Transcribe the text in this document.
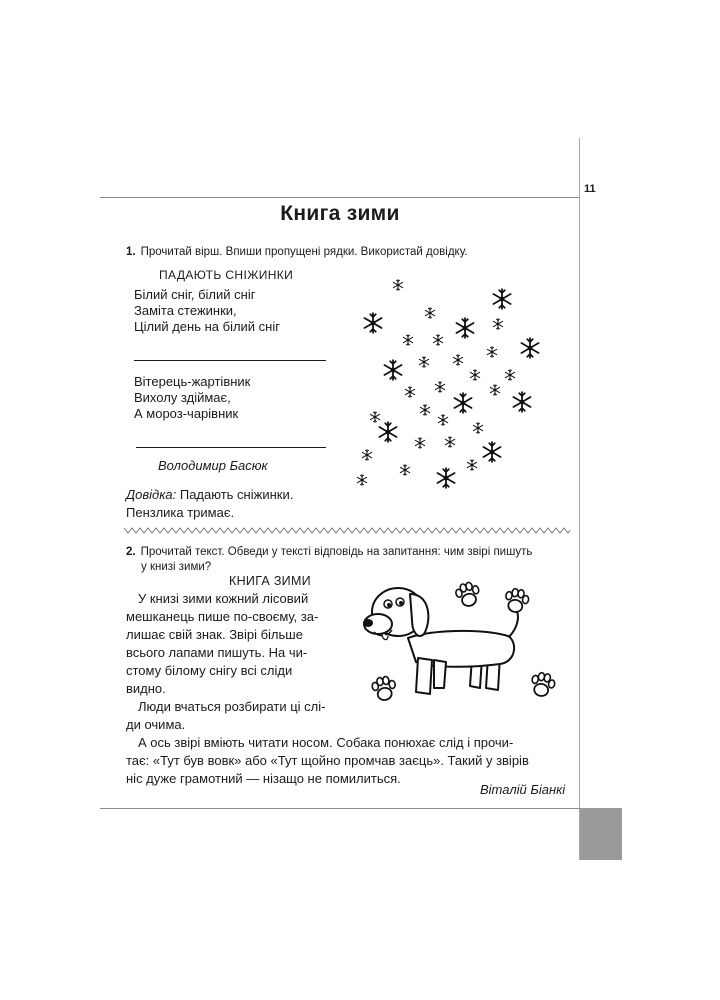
11
Книга зими
1. Прочитай вірш. Впиши пропущені рядки. Використай довідку.
ПАДАЮТЬ СНІЖИНКИ
Білий сніг, білий сніг
Заміта стежинки,
Цілий день на білий сніг
Вітерець-жартівник
Вихолу здіймає,
А мороз-чарівник
Володимир Басюк
Довідка: Падають сніжинки.
Пензлика тримає.
2. Прочитай текст. Обведи у тексті відповідь на запитання: чим звірі пишуть
у книзі зими?
КНИГА ЗИМИ
У книзі зими кожний лісовий
мешканець пише по-своєму, за-
лишає свій знак. Звірі більше
всього лапами пишуть. На чи-
стому білому снігу всі сліди
видно.
Люди вчаться розбирати ці слі-
ди очима.
А ось звірі вміють читати носом. Собака понюхає слід і прочи-
тає: «Тут був вовк» або «Тут щойно промчав заєць». Такий у звірів
ніс дуже грамотний — нізащо не помилиться.
Віталій Біанкі
